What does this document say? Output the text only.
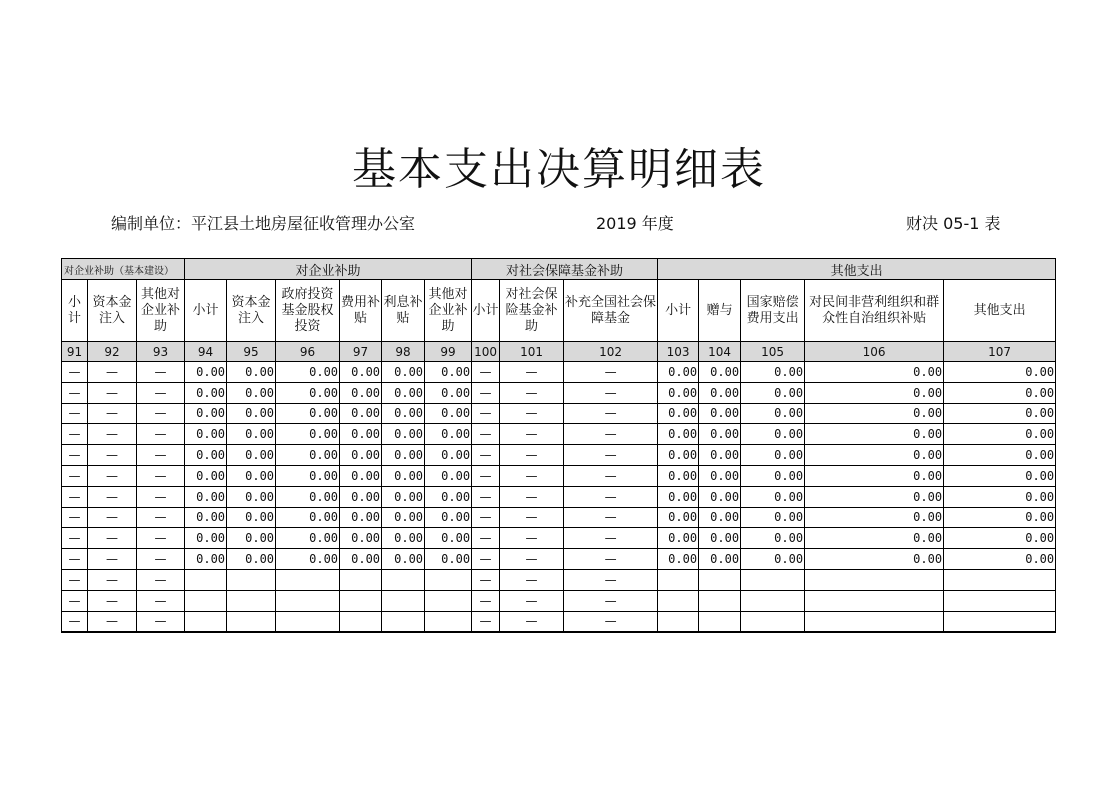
基本支出决算明细表
编制单位：平江县土地房屋征收管理办公室	2019 年度	财决 05-1 表
对企业补助（基本建设）			对企业补助						对社会保障基金补助			其他支出				
小计	资本金注入	其他对企业补助	小计	资本金注入	政府投资基金股权投资	费用补贴	利息补贴	其他对企业补助	小计	对社会保险基金补助	补充全国社会保障基金	小计	赠与	国家赔偿费用支出	对民间非营利组织和群众性自治组织补贴	其他支出
91	92	93	94	95	96	97	98	99	100	101	102	103	104	105	106	107
—	—	—	0.00	0.00	0.00	0.00	0.00	0.00	—	—	—	0.00	0.00	0.00	0.00	0.00
—	—	—	0.00	0.00	0.00	0.00	0.00	0.00	—	—	—	0.00	0.00	0.00	0.00	0.00
—	—	—	0.00	0.00	0.00	0.00	0.00	0.00	—	—	—	0.00	0.00	0.00	0.00	0.00
—	—	—	0.00	0.00	0.00	0.00	0.00	0.00	—	—	—	0.00	0.00	0.00	0.00	0.00
—	—	—	0.00	0.00	0.00	0.00	0.00	0.00	—	—	—	0.00	0.00	0.00	0.00	0.00
—	—	—	0.00	0.00	0.00	0.00	0.00	0.00	—	—	—	0.00	0.00	0.00	0.00	0.00
—	—	—	0.00	0.00	0.00	0.00	0.00	0.00	—	—	—	0.00	0.00	0.00	0.00	0.00
—	—	—	0.00	0.00	0.00	0.00	0.00	0.00	—	—	—	0.00	0.00	0.00	0.00	0.00
—	—	—	0.00	0.00	0.00	0.00	0.00	0.00	—	—	—	0.00	0.00	0.00	0.00	0.00
—	—	—	0.00	0.00	0.00	0.00	0.00	0.00	—	—	—	0.00	0.00	0.00	0.00	0.00
—	—	—							—	—	—					
—	—	—							—	—	—					
—	—	—							—	—	—					
